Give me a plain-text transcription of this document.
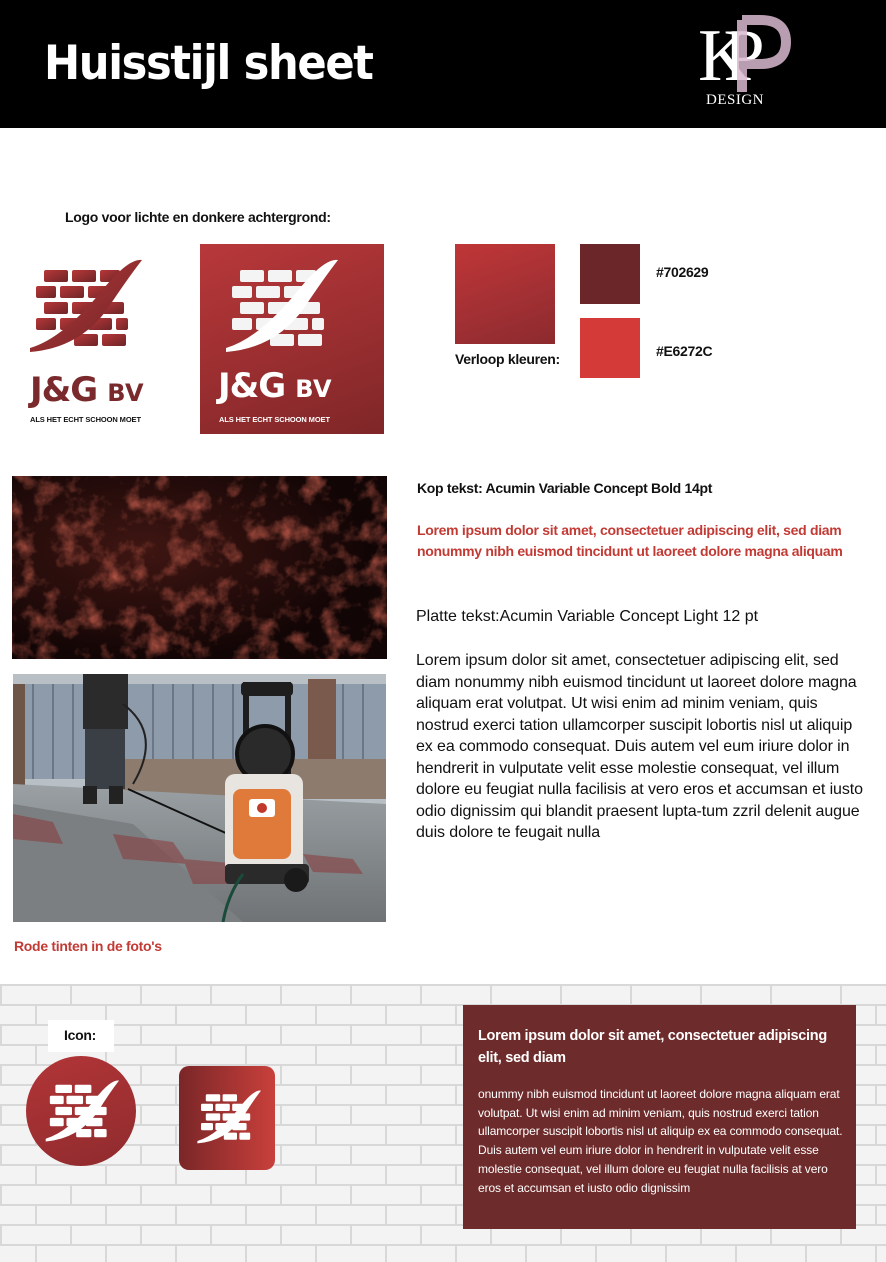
Huisstijl sheet	KP
DESIGN
Logo voor lichte en donkere achtergrond:
J&G BV
ALS HET ECHT SCHOON MOET
J&G BV
ALS HET ECHT SCHOON MOET
#702629
#E6272C
Verloop kleuren:
Rode tinten in de foto's
Kop tekst: Acumin Variable Concept Bold 14pt
Lorem ipsum dolor sit amet, consectetuer adipiscing elit, sed diam nonummy nibh euismod tincidunt ut laoreet dolore magna aliquam
Platte tekst:Acumin Variable Concept Light 12 pt
Lorem ipsum dolor sit amet, consectetuer adipiscing elit, sed diam nonummy nibh euismod tincidunt ut laoreet dolore magna aliquam erat volutpat. Ut wisi enim ad minim veniam, quis nostrud exerci tation ullamcorper suscipit lobortis nisl ut aliquip ex ea commodo consequat. Duis autem vel eum iriure dolor in hendrerit in vulputate velit esse molestie consequat, vel illum dolore eu feugiat nulla facilisis at vero eros et accumsan et iusto odio dignissim qui blandit praesent lupta-tum zzril delenit augue duis dolore te feugait nulla
Icon:	Lorem ipsum dolor sit amet, consectetuer adipiscing elit, sed diam
onummy nibh euismod tincidunt ut laoreet dolore magna aliquam erat volutpat. Ut wisi enim ad minim veniam, quis nostrud exerci tation ullamcorper suscipit lobortis nisl ut aliquip ex ea commodo consequat. Duis autem vel eum iriure dolor in hendrerit in vulputate velit esse molestie consequat, vel illum dolore eu feugiat nulla facilisis at vero eros et accumsan et iusto odio dignissim
